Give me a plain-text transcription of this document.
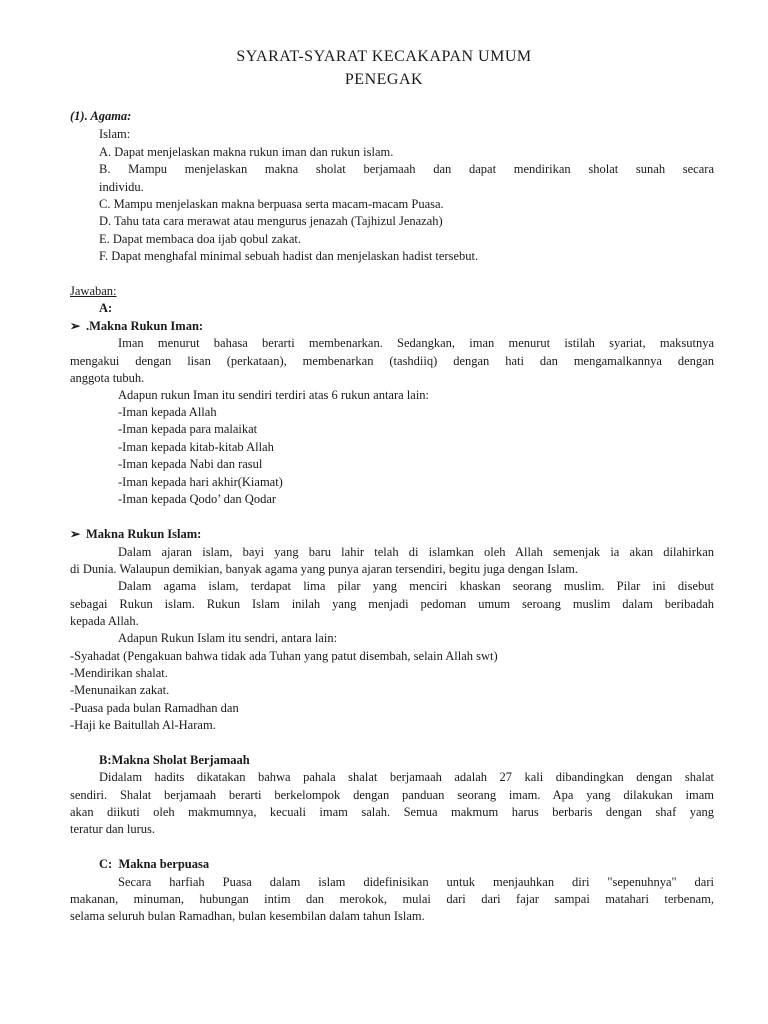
SYARAT-SYARAT KECAKAPAN UMUM
PENEGAK
(1). Agama:
Islam:
A. Dapat menjelaskan makna rukun iman dan rukun islam.
B. Mampu menjelaskan makna sholat berjamaah dan dapat mendirikan sholat sunah secara
individu.
C. Mampu menjelaskan makna berpuasa serta macam-macam Puasa.
D. Tahu tata cara merawat atau mengurus jenazah (Tajhizul Jenazah)
E. Dapat membaca doa ijab qobul zakat.
F. Dapat menghafal minimal sebuah hadist dan menjelaskan hadist tersebut.
Jawaban:
A:
➢ .Makna Rukun Iman:
Iman menurut bahasa berarti membenarkan. Sedangkan, iman menurut istilah syariat, maksutnya
mengakui dengan lisan (perkataan), membenarkan (tashdiiq) dengan hati dan mengamalkannya dengan
anggota tubuh.
Adapun rukun Iman itu sendiri terdiri atas 6 rukun antara lain:
-Iman kepada Allah
-Iman kepada para malaikat
-Iman kepada kitab-kitab Allah
-Iman kepada Nabi dan rasul
-Iman kepada hari akhir(Kiamat)
-Iman kepada Qodo’ dan Qodar
➢ Makna Rukun Islam:
Dalam ajaran islam, bayi yang baru lahir telah di islamkan oleh Allah semenjak ia akan dilahirkan
di Dunia. Walaupun demikian, banyak agama yang punya ajaran tersendiri, begitu juga dengan Islam.
Dalam agama islam, terdapat lima pilar yang menciri khaskan seorang muslim. Pilar ini disebut
sebagai Rukun islam. Rukun Islam inilah yang menjadi pedoman umum seroang muslim dalam beribadah
kepada Allah.
Adapun Rukun Islam itu sendri, antara lain:
-Syahadat (Pengakuan bahwa tidak ada Tuhan yang patut disembah, selain Allah swt)
-Mendirikan shalat.
-Menunaikan zakat.
-Puasa pada bulan Ramadhan dan
-Haji ke Baitullah Al-Haram.
B:Makna Sholat Berjamaah
Didalam hadits dikatakan bahwa pahala shalat berjamaah adalah 27 kali dibandingkan dengan shalat
sendiri. Shalat berjamaah berarti berkelompok dengan panduan seorang imam. Apa yang dilakukan imam
akan diikuti oleh makmumnya, kecuali imam salah. Semua makmum harus berbaris dengan shaf yang
teratur dan lurus.
C:  Makna berpuasa
Secara harfiah Puasa dalam islam didefinisikan untuk menjauhkan diri "sepenuhnya" dari
makanan, minuman, hubungan intim dan merokok, mulai dari dari fajar sampai matahari terbenam,
selama seluruh bulan Ramadhan, bulan kesembilan dalam tahun Islam.
